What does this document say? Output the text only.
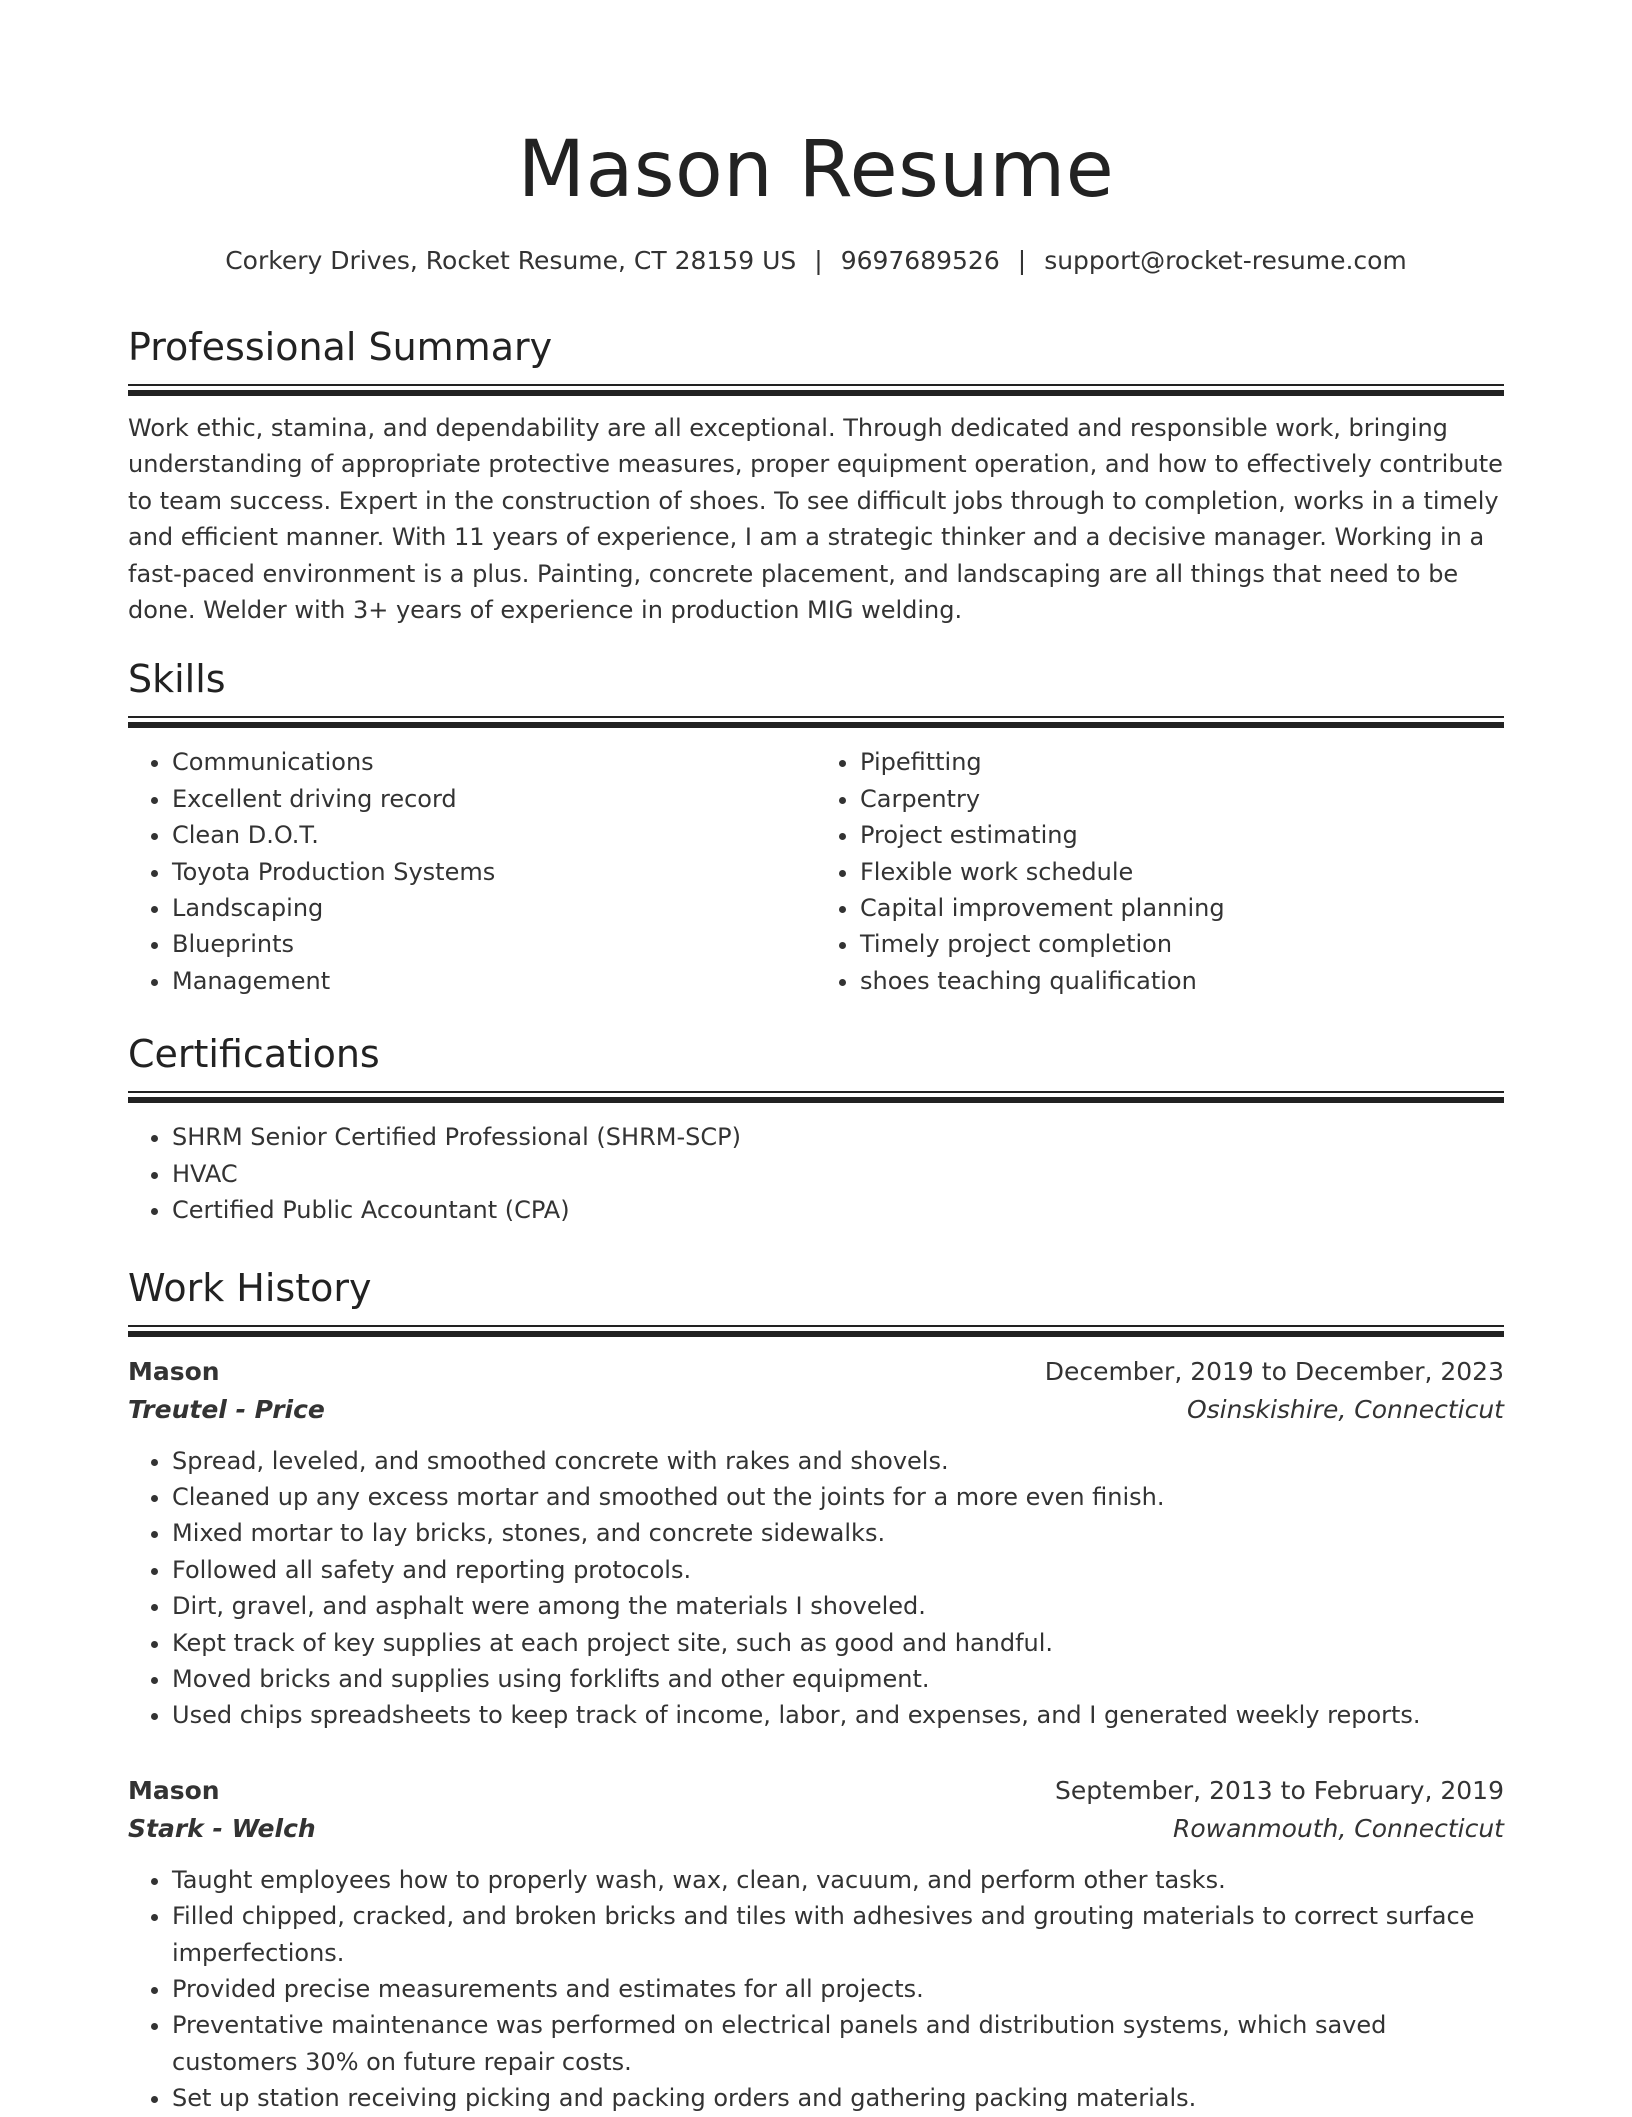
Mason Resume
Corkery Drives, Rocket Resume, CT 28159 US | 9697689526 | support@rocket-resume.com
Professional Summary

Work ethic, stamina, and dependability are all exceptional. Through dedicated and responsible work, bringing understanding of appropriate protective measures, proper equipment operation, and how to effectively contribute to team success. Expert in the construction of shoes. To see difficult jobs through to completion, works in a timely and efficient manner. With 11 years of experience, I am a strategic thinker and a decisive manager. Working in a fast-paced environment is a plus. Painting, concrete placement, and landscaping are all things that need to be done. Welder with 3+ years of experience in production MIG welding.

Skills
• Communications
• Excellent driving record
• Clean D.O.T.
• Toyota Production Systems
• Landscaping
• Blueprints
• Management
• Pipefitting
• Carpentry
• Project estimating
• Flexible work schedule
• Capital improvement planning
• Timely project completion
• shoes teaching qualification
Certifications
• SHRM Senior Certified Professional (SHRM-SCP)
• HVAC
• Certified Public Accountant (CPA)
Work History
Mason	December, 2019 to December, 2023
Treutel - Price	Osinskishire, Connecticut
• Spread, leveled, and smoothed concrete with rakes and shovels.
• Cleaned up any excess mortar and smoothed out the joints for a more even finish.
• Mixed mortar to lay bricks, stones, and concrete sidewalks.
• Followed all safety and reporting protocols.
• Dirt, gravel, and asphalt were among the materials I shoveled.
• Kept track of key supplies at each project site, such as good and handful.
• Moved bricks and supplies using forklifts and other equipment.
• Used chips spreadsheets to keep track of income, labor, and expenses, and I generated weekly reports.
Mason	September, 2013 to February, 2019
Stark - Welch	Rowanmouth, Connecticut
• Taught employees how to properly wash, wax, clean, vacuum, and perform other tasks.
• Filled chipped, cracked, and broken bricks and tiles with adhesives and grouting materials to correct surface imperfections.
• Provided precise measurements and estimates for all projects.
• Preventative maintenance was performed on electrical panels and distribution systems, which saved customers 30% on future repair costs.
• Set up station receiving picking and packing orders and gathering packing materials.
